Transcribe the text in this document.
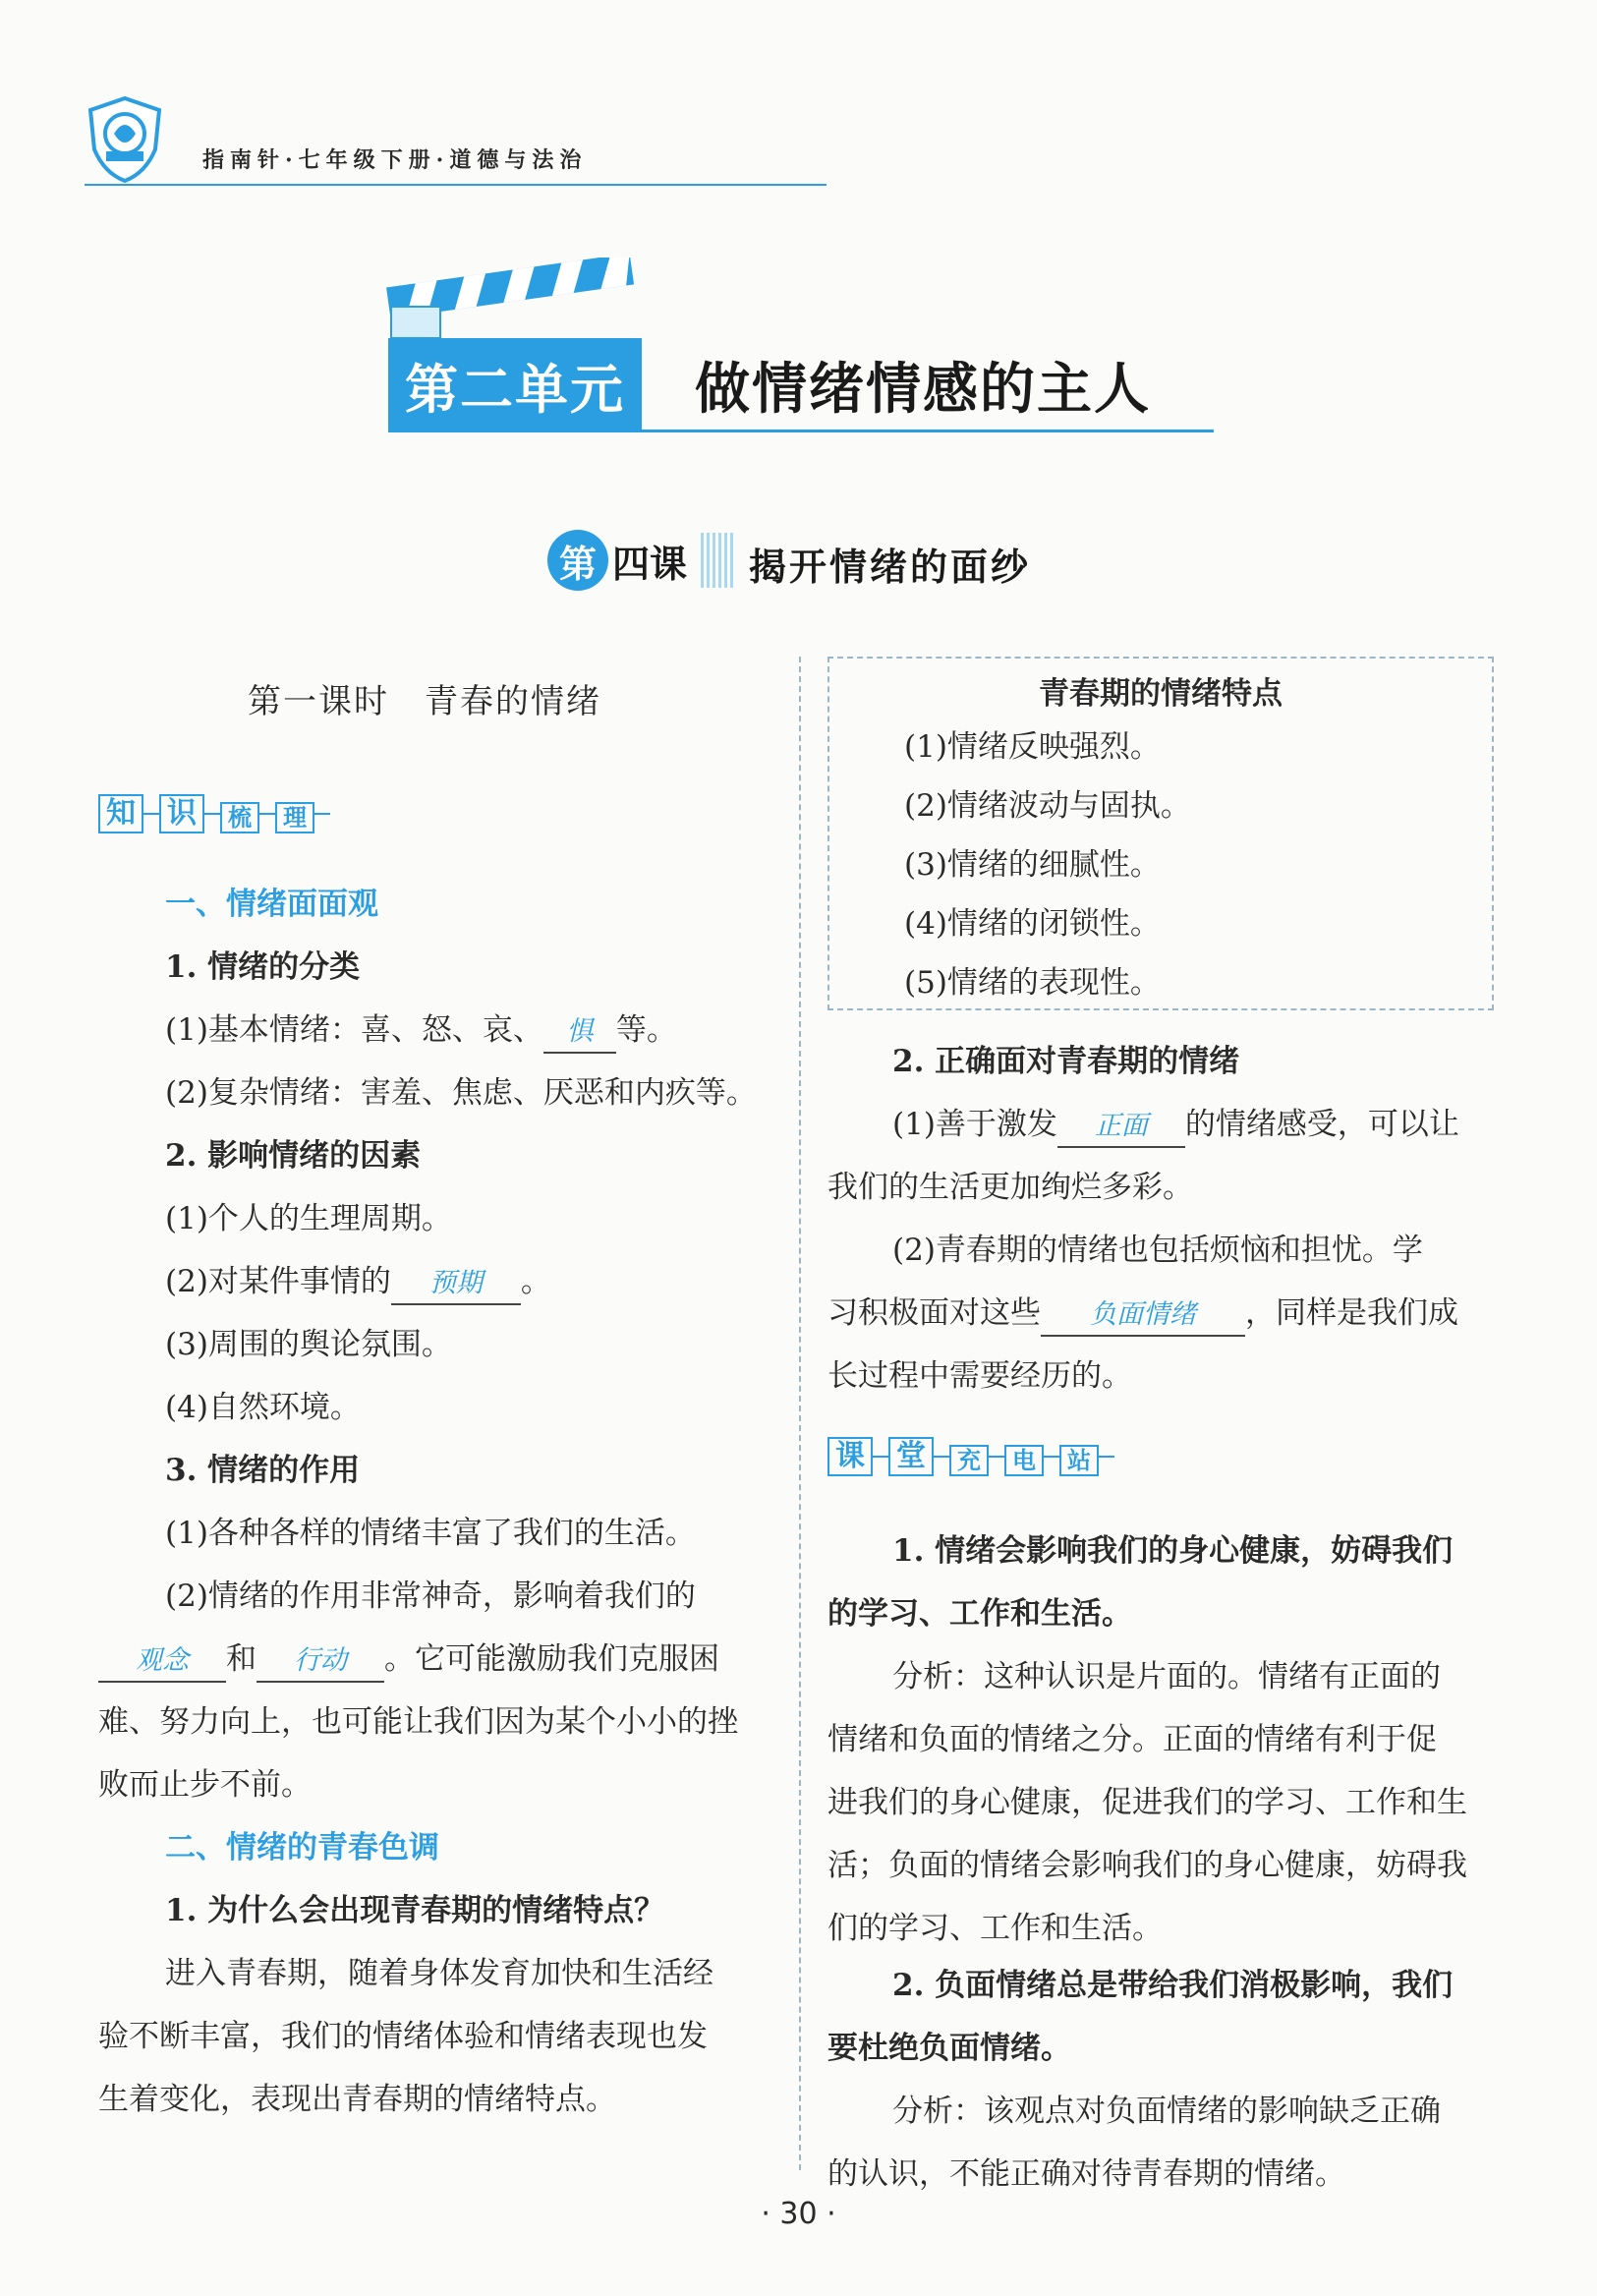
指南针·七年级下册·道德与法治
第二单元 做情绪情感的主人
第 四课	揭开情绪的面纱
第一课时　青春的情绪
知 识	梳	理
一、情绪面面观
1. 情绪的分类
(1)基本情绪：喜、怒、哀、 惧 等。
(2)复杂情绪：害羞、焦虑、厌恶和内疚等。
2. 影响情绪的因素
(1)个人的生理周期。
(2)对某件事情的 预期 。
(3)周围的舆论氛围。
(4)自然环境。
3. 情绪的作用
(1)各种各样的情绪丰富了我们的生活。
(2)情绪的作用非常神奇，影响着我们的
观念 和 行动 。它可能激励我们克服困
难、努力向上，也可能让我们因为某个小小的挫
败而止步不前。
二、情绪的青春色调
1. 为什么会出现青春期的情绪特点？
进入青春期，随着身体发育加快和生活经
验不断丰富，我们的情绪体验和情绪表现也发
生着变化，表现出青春期的情绪特点。
青春期的情绪特点
(1)情绪反映强烈。
(2)情绪波动与固执。
(3)情绪的细腻性。
(4)情绪的闭锁性。
(5)情绪的表现性。
2. 正确面对青春期的情绪
(1)善于激发 正面 的情绪感受，可以让
我们的生活更加绚烂多彩。
(2)青春期的情绪也包括烦恼和担忧。学
习积极面对这些 负面情绪 ，同样是我们成
长过程中需要经历的。
课 堂	充	电	站
1. 情绪会影响我们的身心健康，妨碍我们
的学习、工作和生活。
分析：这种认识是片面的。情绪有正面的
情绪和负面的情绪之分。正面的情绪有利于促
进我们的身心健康，促进我们的学习、工作和生
活；负面的情绪会影响我们的身心健康，妨碍我
们的学习、工作和生活。
2. 负面情绪总是带给我们消极影响，我们
要杜绝负面情绪。
分析：该观点对负面情绪的影响缺乏正确
的认识，不能正确对待青春期的情绪。
· 30 ·
